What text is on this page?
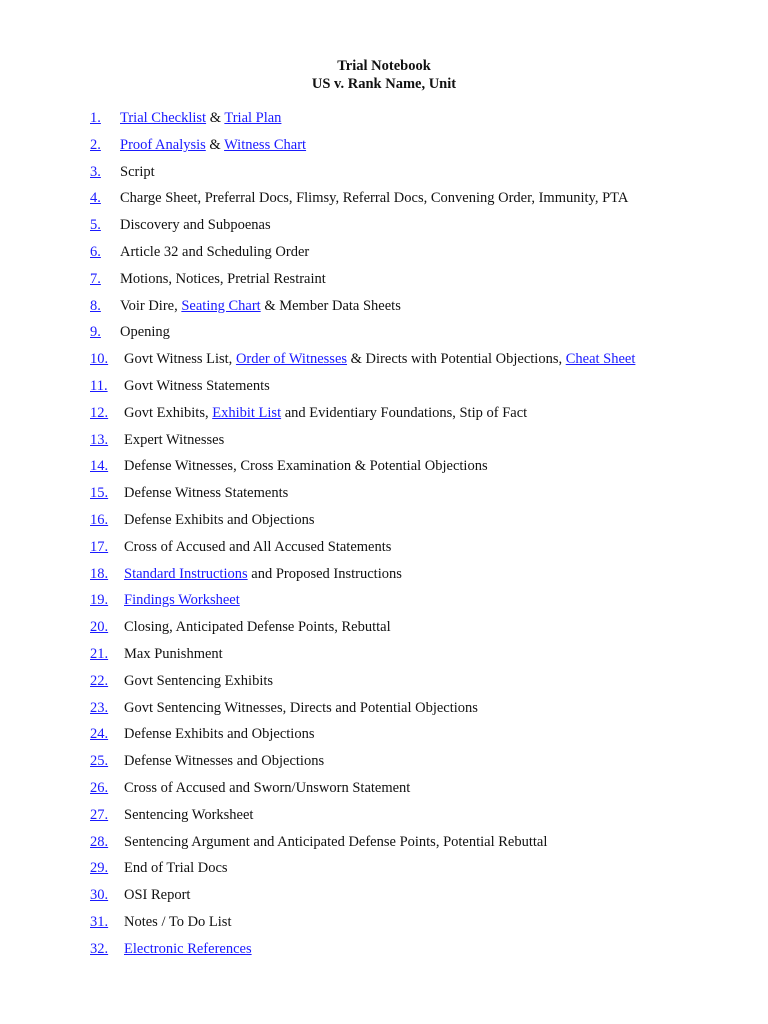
Trial Notebook
US v. Rank Name, Unit
1. Trial Checklist & Trial Plan
2. Proof Analysis & Witness Chart
3. Script
4. Charge Sheet, Preferral Docs, Flimsy, Referral Docs, Convening Order, Immunity, PTA
5. Discovery and Subpoenas
6. Article 32 and Scheduling Order
7. Motions, Notices, Pretrial Restraint
8. Voir Dire, Seating Chart & Member Data Sheets
9. Opening
10. Govt Witness List, Order of Witnesses & Directs with Potential Objections, Cheat Sheet
11. Govt Witness Statements
12. Govt Exhibits, Exhibit List and Evidentiary Foundations, Stip of Fact
13. Expert Witnesses
14. Defense Witnesses, Cross Examination & Potential Objections
15. Defense Witness Statements
16. Defense Exhibits and Objections
17. Cross of Accused and All Accused Statements
18. Standard Instructions and Proposed Instructions
19. Findings Worksheet
20. Closing, Anticipated Defense Points, Rebuttal
21. Max Punishment
22. Govt Sentencing Exhibits
23. Govt Sentencing Witnesses, Directs and Potential Objections
24. Defense Exhibits and Objections
25. Defense Witnesses and Objections
26. Cross of Accused and Sworn/Unsworn Statement
27. Sentencing Worksheet
28. Sentencing Argument and Anticipated Defense Points, Potential Rebuttal
29. End of Trial Docs
30. OSI Report
31. Notes / To Do List
32. Electronic References
